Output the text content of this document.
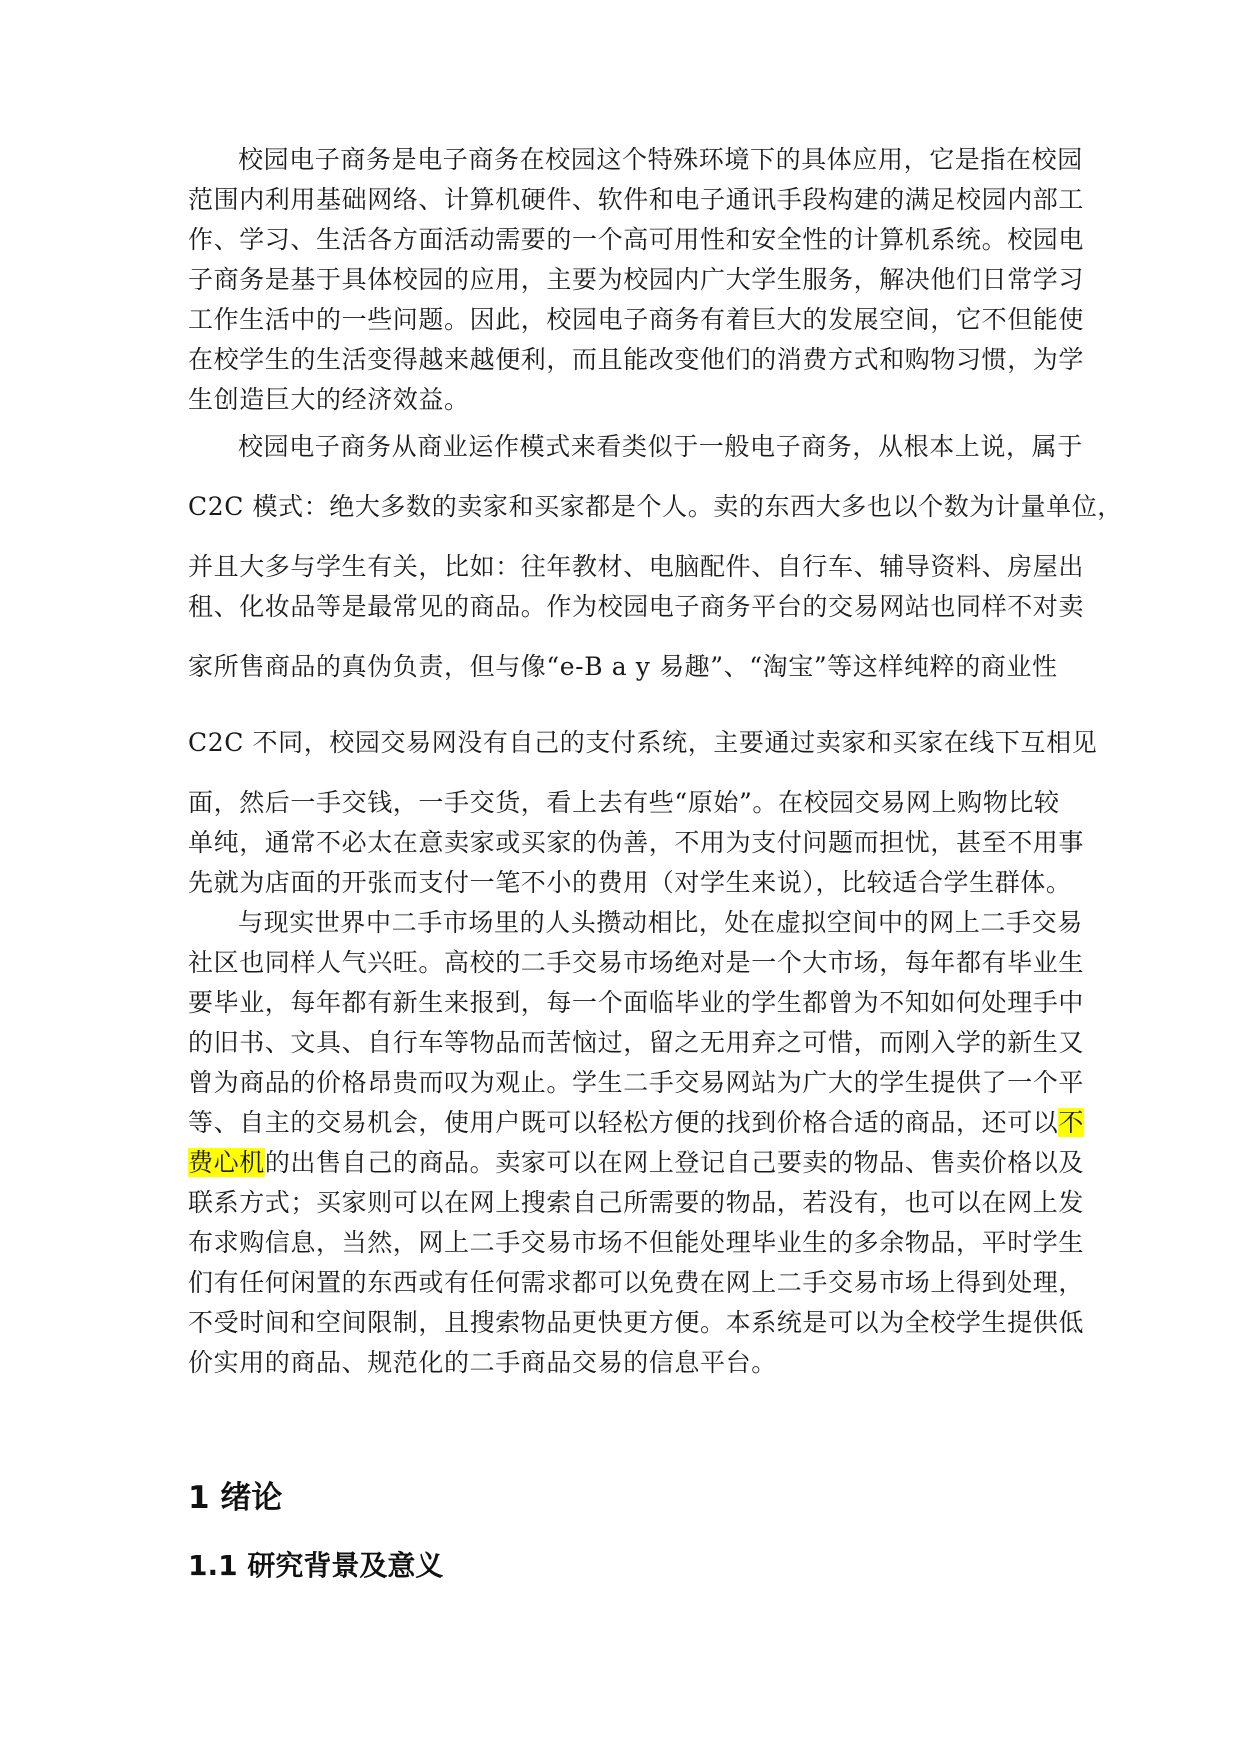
校园电子商务是电子商务在校园这个特殊环境下的具体应用，它是指在校园
范围内利用基础网络、计算机硬件、软件和电子通讯手段构建的满足校园内部工
作、学习、生活各方面活动需要的一个高可用性和安全性的计算机系统。校园电
子商务是基于具体校园的应用，主要为校园内广大学生服务，解决他们日常学习
工作生活中的一些问题。因此，校园电子商务有着巨大的发展空间，它不但能使
在校学生的生活变得越来越便利，而且能改变他们的消费方式和购物习惯，为学
生创造巨大的经济效益。
校园电子商务从商业运作模式来看类似于一般电子商务，从根本上说，属于
C2C 模式：绝大多数的卖家和买家都是个人。卖的东西大多也以个数为计量单位，
并且大多与学生有关，比如：往年教材、电脑配件、自行车、辅导资料、房屋出
租、化妆品等是最常见的商品。作为校园电子商务平台的交易网站也同样不对卖
家所售商品的真伪负责，但与像“e-B a y 易趣”、“淘宝”等这样纯粹的商业性
C2C 不同，校园交易网没有自己的支付系统，主要通过卖家和买家在线下互相见
面，然后一手交钱，一手交货，看上去有些“原始”。在校园交易网上购物比较
单纯，通常不必太在意卖家或买家的伪善，不用为支付问题而担忧，甚至不用事
先就为店面的开张而支付一笔不小的费用（对学生来说），比较适合学生群体。
与现实世界中二手市场里的人头攒动相比，处在虚拟空间中的网上二手交易
社区也同样人气兴旺。高校的二手交易市场绝对是一个大市场，每年都有毕业生
要毕业，每年都有新生来报到，每一个面临毕业的学生都曾为不知如何处理手中
的旧书、文具、自行车等物品而苦恼过，留之无用弃之可惜，而刚入学的新生又
曾为商品的价格昂贵而叹为观止。学生二手交易网站为广大的学生提供了一个平
等、自主的交易机会，使用户既可以轻松方便的找到价格合适的商品，还可以不
费心机的出售自己的商品。卖家可以在网上登记自己要卖的物品、售卖价格以及
联系方式；买家则可以在网上搜索自己所需要的物品，若没有，也可以在网上发
布求购信息，当然，网上二手交易市场不但能处理毕业生的多余物品，平时学生
们有任何闲置的东西或有任何需求都可以免费在网上二手交易市场上得到处理，
不受时间和空间限制，且搜索物品更快更方便。本系统是可以为全校学生提供低
价实用的商品、规范化的二手商品交易的信息平台。
1 绪论
1.1 研究背景及意义
